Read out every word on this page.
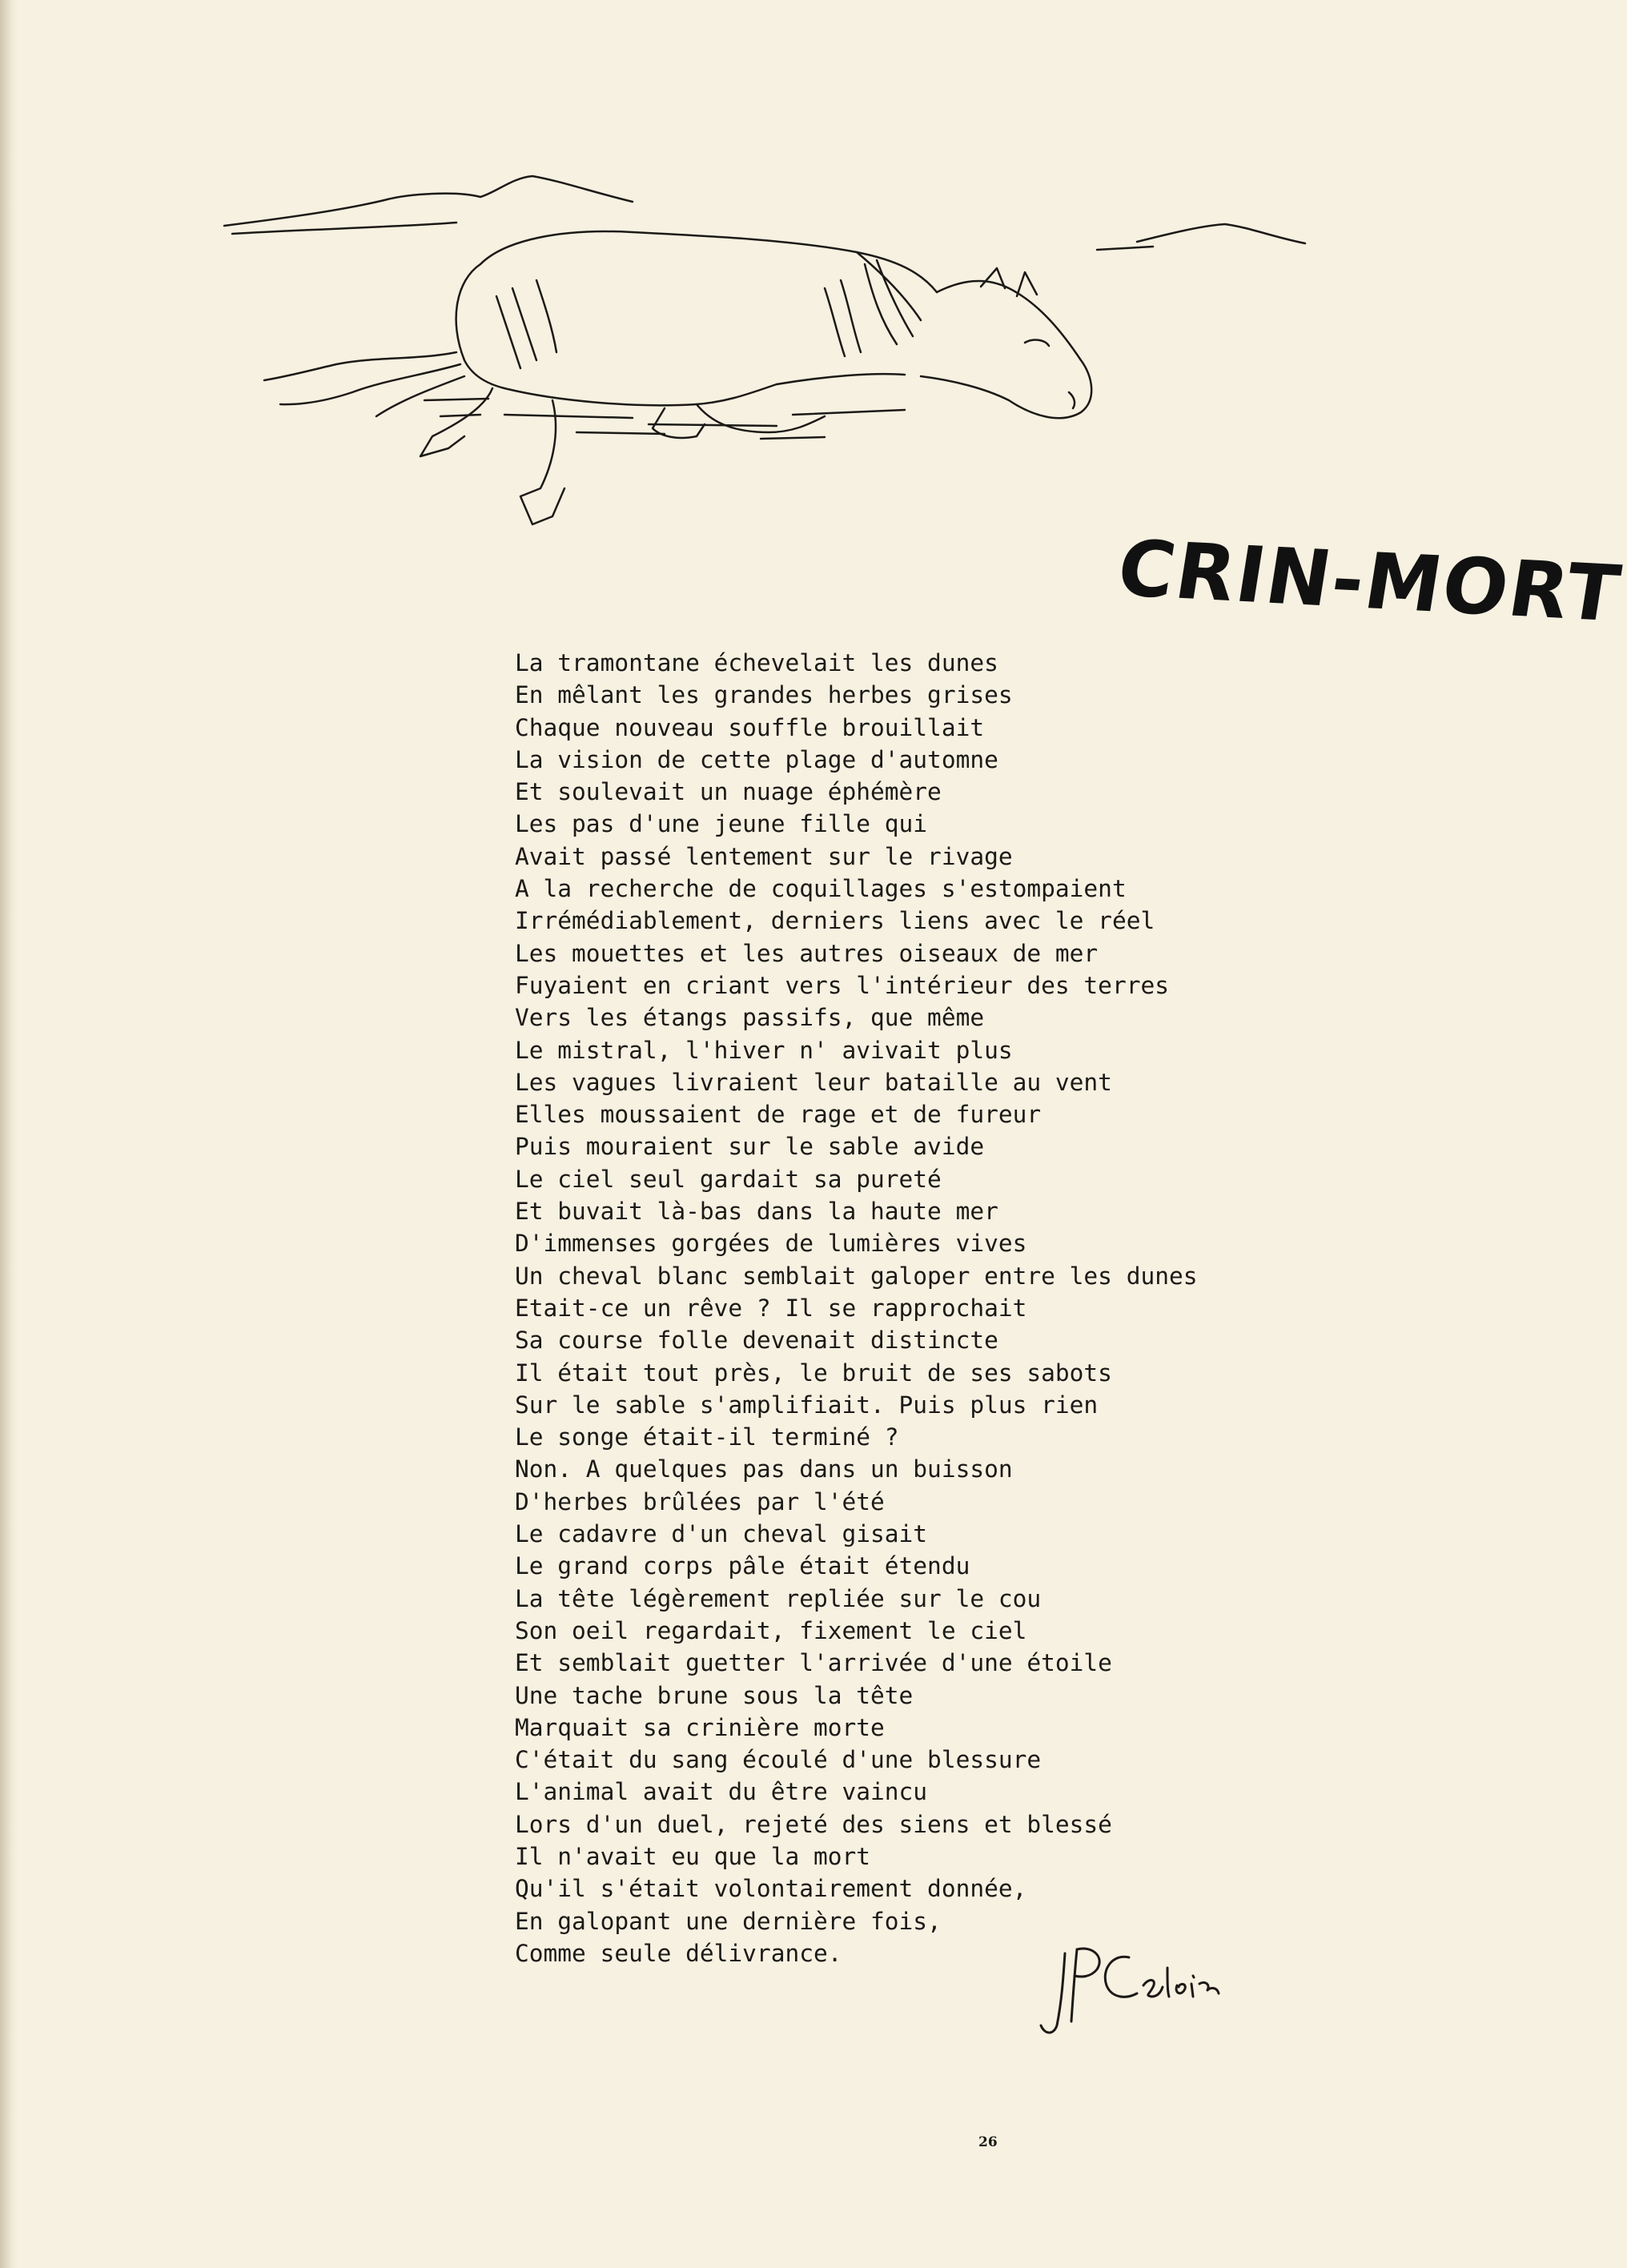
CRIN-MORT
La tramontane échevelait les dunes
En mêlant les grandes herbes grises
Chaque nouveau souffle brouillait
La vision de cette plage d'automne
Et soulevait un nuage éphémère
Les pas d'une jeune fille qui
Avait passé lentement sur le rivage
A la recherche de coquillages s'estompaient
Irrémédiablement, derniers liens avec le réel
Les mouettes et les autres oiseaux de mer
Fuyaient en criant vers l'intérieur des terres
Vers les étangs passifs, que même
Le mistral, l'hiver n' avivait plus
Les vagues livraient leur bataille au vent
Elles moussaient de rage et de fureur
Puis mouraient sur le sable avide
Le ciel seul gardait sa pureté
Et buvait là-bas dans la haute mer
D'immenses gorgées de lumières vives
Un cheval blanc semblait galoper entre les dunes
Etait-ce un rêve ? Il se rapprochait
Sa course folle devenait distincte
Il était tout près, le bruit de ses sabots
Sur le sable s'amplifiait. Puis plus rien
Le songe était-il terminé ?
Non. A quelques pas dans un buisson
D'herbes brûlées par l'été
Le cadavre d'un cheval gisait
Le grand corps pâle était étendu
La tête légèrement repliée sur le cou
Son oeil regardait, fixement le ciel
Et semblait guetter l'arrivée d'une étoile
Une tache brune sous la tête
Marquait sa crinière morte
C'était du sang écoulé d'une blessure
L'animal avait du être vaincu
Lors d'un duel, rejeté des siens et blessé
Il n'avait eu que la mort
Qu'il s'était volontairement donnée,
En galopant une dernière fois,
Comme seule délivrance.
26
